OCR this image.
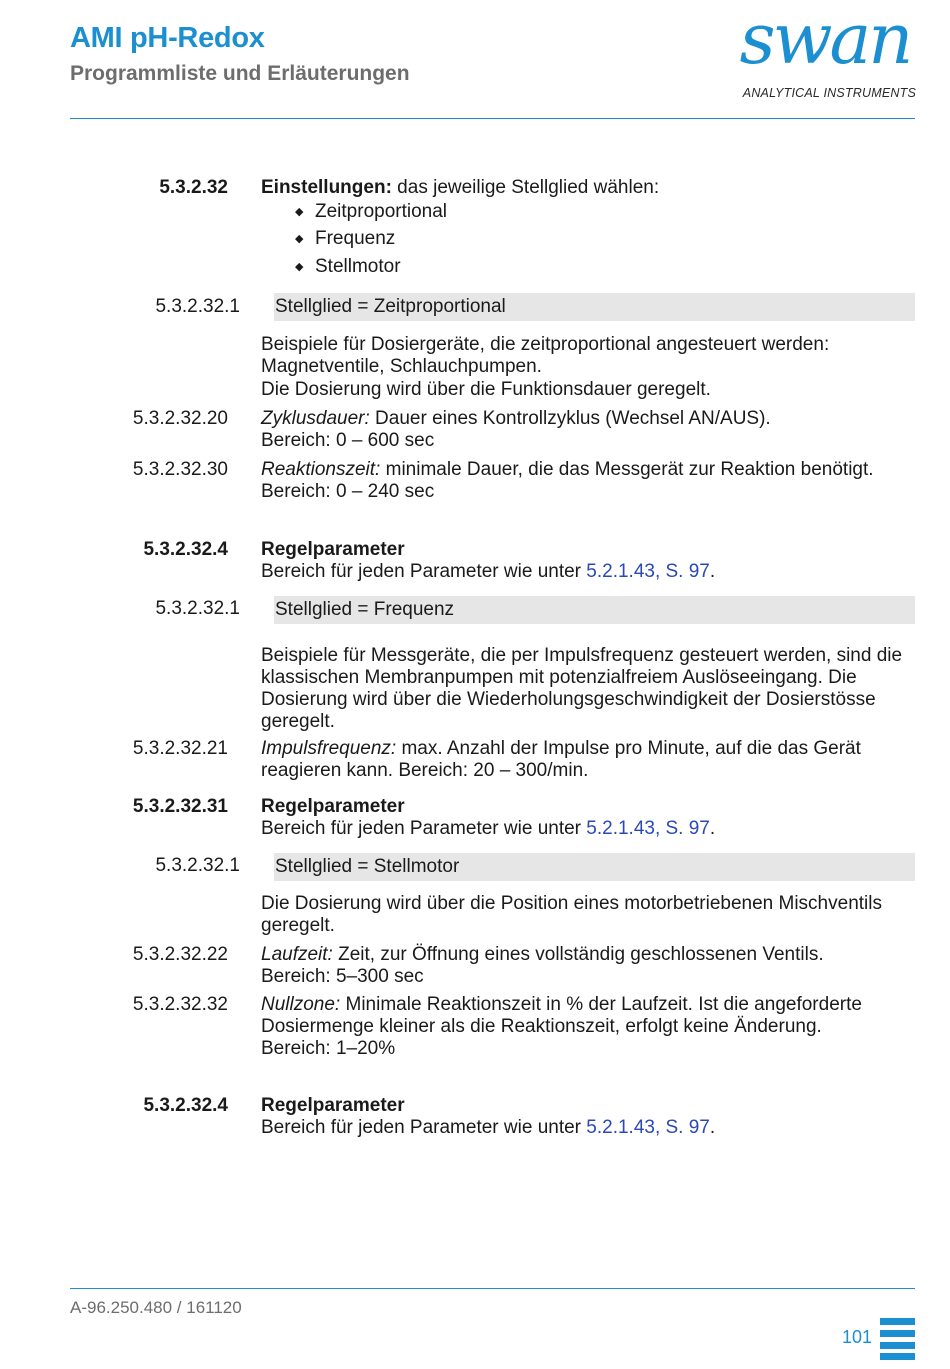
AMI pH-Redox
Programmliste und Erläuterungen	swan
ANALYTICAL INSTRUMENTS
5.3.2.32 Einstellungen: das jeweilige Stellglied wählen:
◆ Zeitproportional
◆ Frequenz
◆ Stellmotor
5.3.2.32.1 Stellglied = Zeitproportional
Beispiele für Dosiergeräte, die zeitproportional angesteuert werden: Magnetventile, Schlauchpumpen.
Die Dosierung wird über die Funktionsdauer geregelt.
5.3.2.32.20 Zyklusdauer: Dauer eines Kontrollzyklus (Wechsel AN/AUS).
Bereich: 0 – 600 sec
5.3.2.32.30 Reaktionszeit: minimale Dauer, die das Messgerät zur Reaktion benötigt.
Bereich: 0 – 240 sec
5.3.2.32.4 Regelparameter
Bereich für jeden Parameter wie unter 5.2.1.43, S. 97.
5.3.2.32.1 Stellglied = Frequenz
Beispiele für Messgeräte, die per Impulsfrequenz gesteuert werden, sind die klassischen Membranpumpen mit potenzialfreiem Auslöseeingang. Die Dosierung wird über die Wiederholungsgeschwindigkeit der Dosierstösse geregelt.
5.3.2.32.21 Impulsfrequenz: max. Anzahl der Impulse pro Minute, auf die das Gerät reagieren kann. Bereich: 20 – 300/min.
5.3.2.32.31 Regelparameter
Bereich für jeden Parameter wie unter 5.2.1.43, S. 97.
5.3.2.32.1 Stellglied = Stellmotor
Die Dosierung wird über die Position eines motorbetriebenen Mischventils geregelt.
5.3.2.32.22 Laufzeit: Zeit, zur Öffnung eines vollständig geschlossenen Ventils.
Bereich: 5–300 sec
5.3.2.32.32 Nullzone: Minimale Reaktionszeit in % der Laufzeit. Ist die angeforderte Dosiermenge kleiner als die Reaktionszeit, erfolgt keine Änderung.
Bereich: 1–20%
5.3.2.32.4 Regelparameter
Bereich für jeden Parameter wie unter 5.2.1.43, S. 97.
A-96.250.480 / 161120
101
